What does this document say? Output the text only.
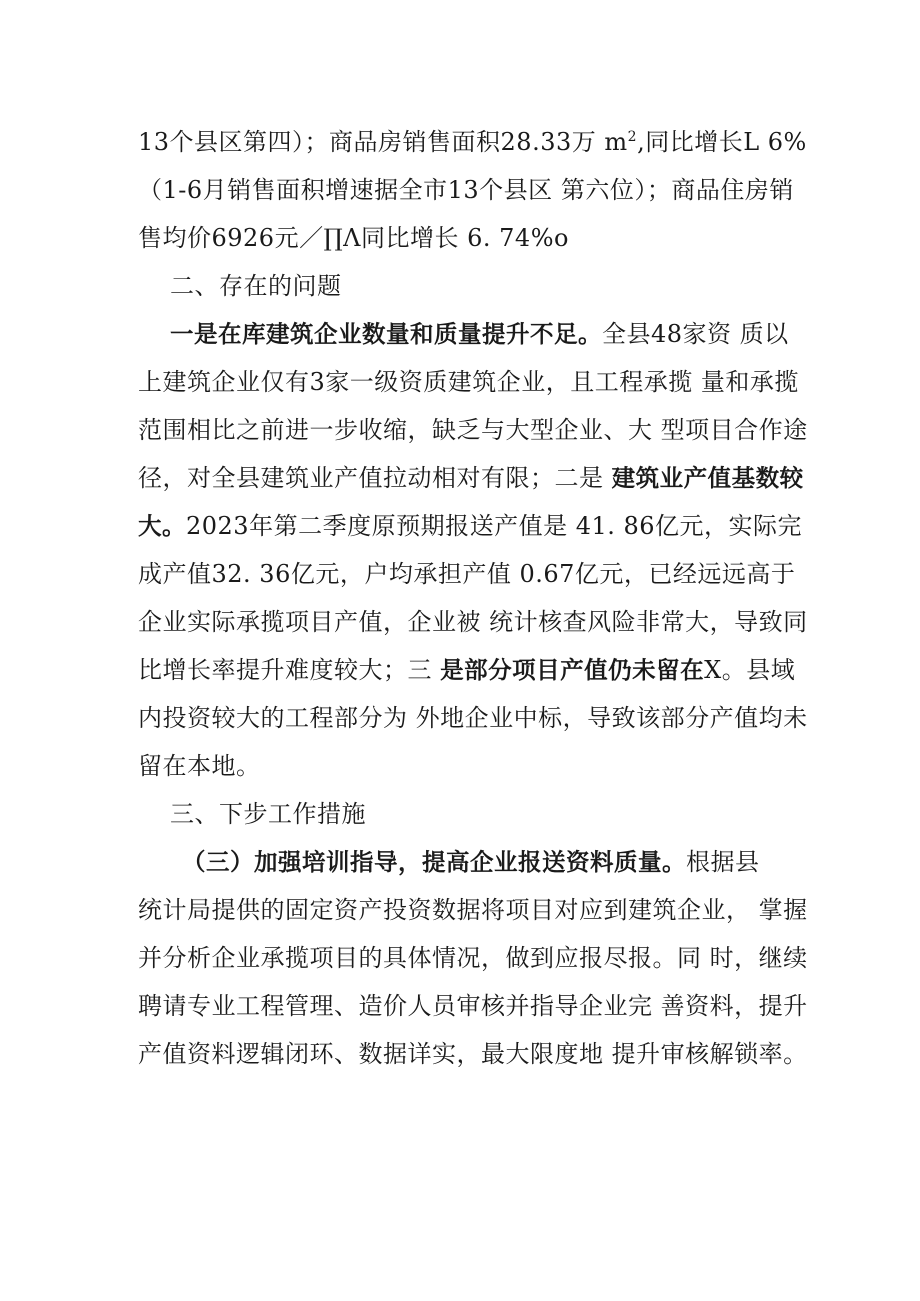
13个县区第四）；商品房销售面积28.33万 $m^2$,同比增长L 6%
（1-6月销售面积增速据全市13个县区 第六位）；商品住房销
售均价6926元／∏Λ同比增长 6. 74%o
二、存在的问题
一是在库建筑企业数量和质量提升不足。全县48家资 质以
上建筑企业仅有3家一级资质建筑企业，且工程承揽 量和承揽
范围相比之前进一步收缩，缺乏与大型企业、大 型项目合作途
径，对全县建筑业产值拉动相对有限；二是 建筑业产值基数较
大。2023年第二季度原预期报送产值是 41. 86亿元，实际完
成产值32. 36亿元，户均承担产值 0.67亿元，已经远远高于
企业实际承揽项目产值，企业被 统计核查风险非常大，导致同
比增长率提升难度较大；三 是部分项目产值仍未留在X。县域
内投资较大的工程部分为 外地企业中标，导致该部分产值均未
留在本地。
三、下步工作措施
（三）加强培训指导，提高企业报送资料质量。根据县
统计局提供的固定资产投资数据将项目对应到建筑企业， 掌握
并分析企业承揽项目的具体情况，做到应报尽报。同 时，继续
聘请专业工程管理、造价人员审核并指导企业完 善资料，提升
产值资料逻辑闭环、数据详实，最大限度地 提升审核解锁率。
